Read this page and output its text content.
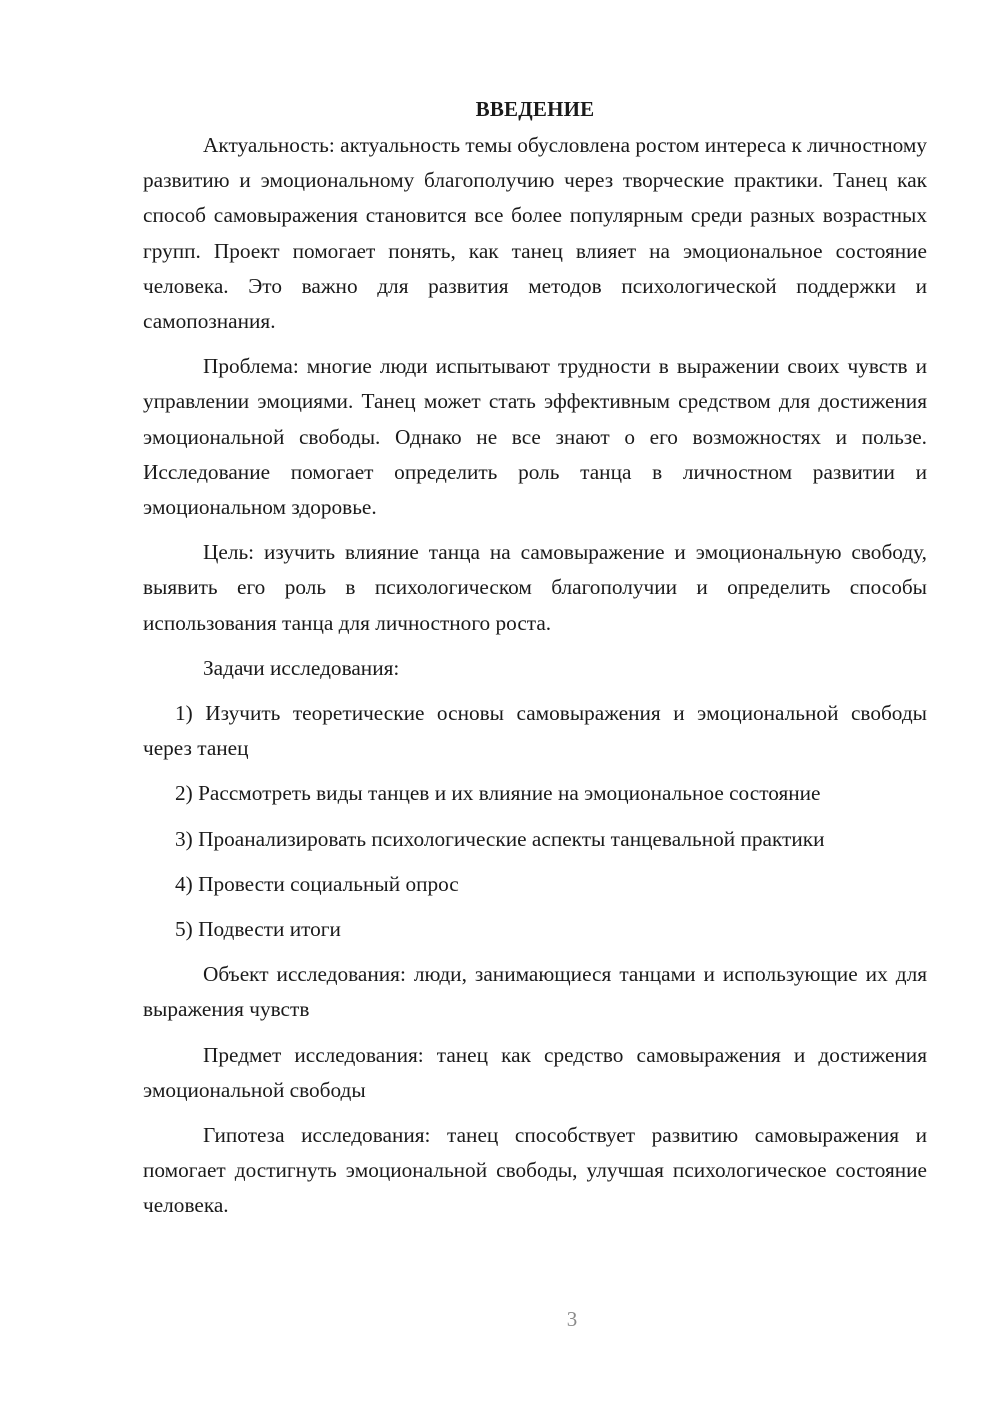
ВВЕДЕНИЕ

Актуальность: актуальность темы обусловлена ростом интереса к личностному развитию и эмоциональному благополучию через творческие практики. Танец как способ самовыражения становится все более популярным среди разных возрастных групп. Проект помогает понять, как танец влияет на эмоциональное состояние человека. Это важно для развития методов психологической поддержки и самопознания.

Проблема: многие люди испытывают трудности в выражении своих чувств и управлении эмоциями. Танец может стать эффективным средством для достижения эмоциональной свободы. Однако не все знают о его возможностях и пользе. Исследование помогает определить роль танца в личностном развитии и эмоциональном здоровье.

Цель: изучить влияние танца на самовыражение и эмоциональную свободу, выявить его роль в психологическом благополучии и определить способы использования танца для личностного роста.

Задачи исследования:

1) Изучить теоретические основы самовыражения и эмоциональной свободы через танец

2) Рассмотреть виды танцев и их влияние на эмоциональное состояние

3) Проанализировать психологические аспекты танцевальной практики

4) Провести социальный опрос

5) Подвести итоги

Объект исследования: люди, занимающиеся танцами и использующие их для выражения чувств

Предмет исследования: танец как средство самовыражения и достижения эмоциональной свободы

Гипотеза исследования: танец способствует развитию самовыражения и помогает достигнуть эмоциональной свободы, улучшая психологическое состояние человека.

3
